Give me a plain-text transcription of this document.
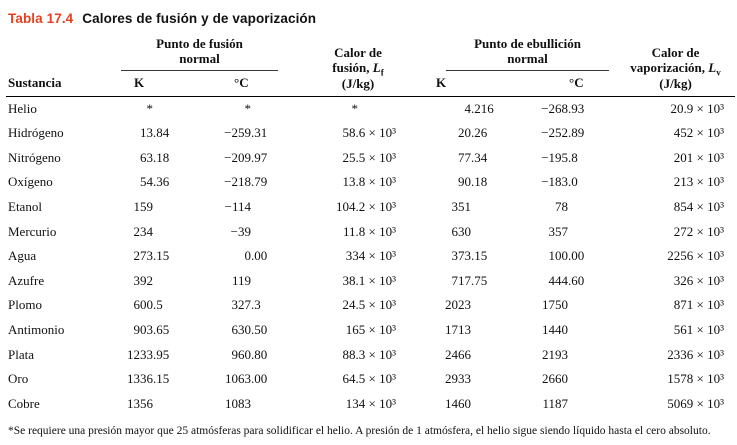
Tabla 17.4 Calores de fusión y de vaporización

	Punto de fusión
normal		Calor de
fusión, $L_f$
(J/kg)	Punto de ebullición
normal		Calor de
vaporización, $L_v$
(J/kg)
Sustancia	K	°C		K	°C	
Helio	*	*	*	4 .216	−268 .93	20.9 × 10³
Hidrógeno	13 .84	−259 .31	58.6 × 10³	20 .26	−252 .89	452 × 10³
Nitrógeno	63 .18	−209 .97	25.5 × 10³	77 .34	−195 .8	201 × 10³
Oxígeno	54 .36	−218 .79	13.8 × 10³	90 .18	−183 .0	213 × 10³
Etanol	159	−114	104.2 × 10³	351	78	854 × 10³
Mercurio	234	−39	11.8 × 10³	630	357	272 × 10³
Agua	273 .15	0 .00	334 × 10³	373 .15	100 .00	2256 × 10³
Azufre	392	119	38.1 × 10³	717 .75	444 .60	326 × 10³
Plomo	600 .5	327 .3	24.5 × 10³	2023	1750	871 × 10³
Antimonio	903 .65	630 .50	165 × 10³	1713	1440	561 × 10³
Plata	1233 .95	960 .80	88.3 × 10³	2466	2193	2336 × 10³
Oro	1336 .15	1063 .00	64.5 × 10³	2933	2660	1578 × 10³
Cobre	1356	1083	134 × 10³	1460	1187	5069 × 10³
*Se requiere una presión mayor que 25 atmósferas para solidificar el helio. A presión de 1 atmósfera, el helio sigue siendo líquido hasta el cero absoluto.
